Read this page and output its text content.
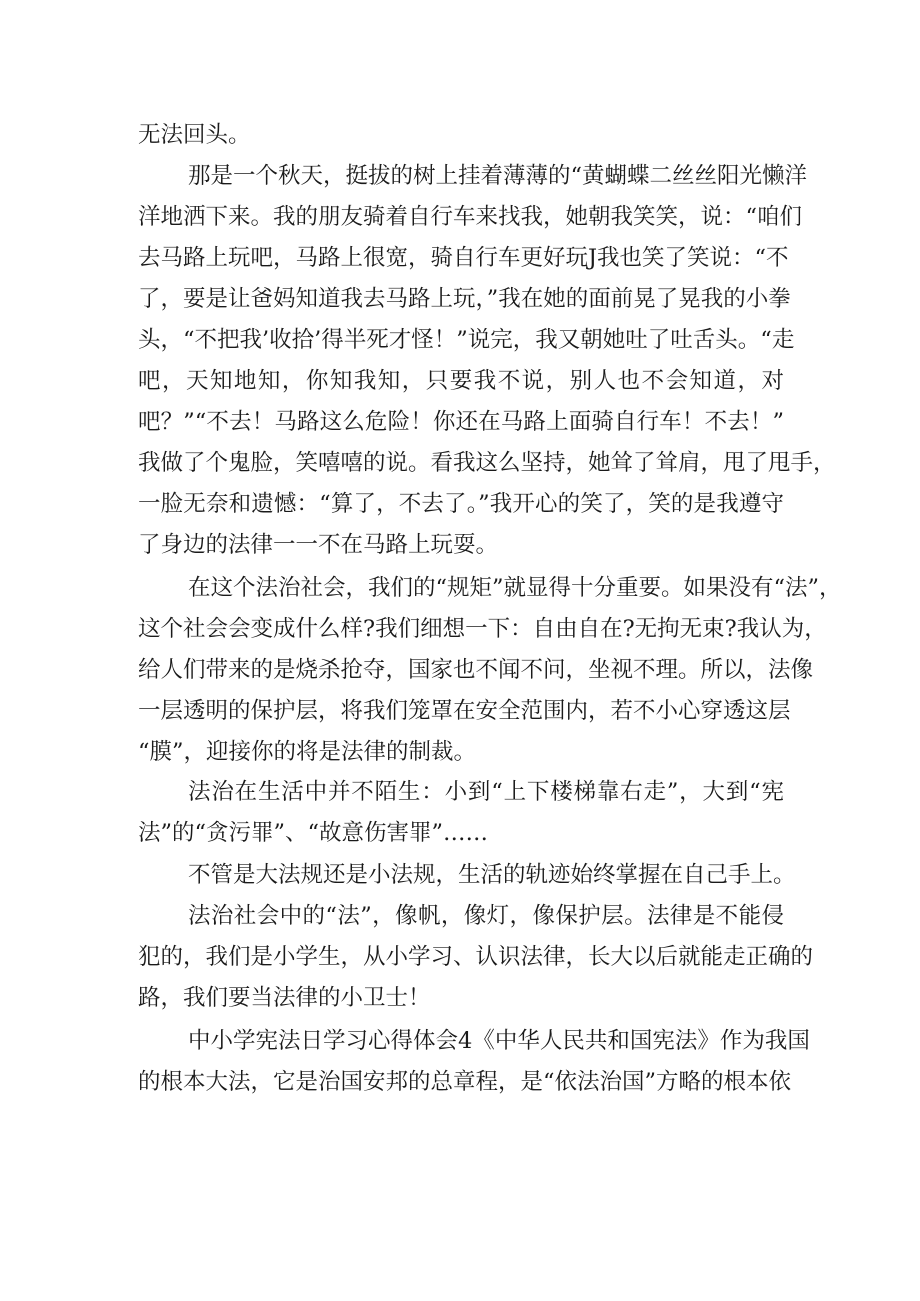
无法回头。

那是一个秋天，挺拔的树上挂着薄薄的“黄蝴蝶二丝丝阳光懒洋

洋地洒下来。我的朋友骑着自行车来找我，她朝我笑笑，说：“咱们

去马路上玩吧，马路上很宽，骑自行车更好玩J我也笑了笑说：“不

了，要是让爸妈知道我去马路上玩，”我在她的面前晃了晃我的小拳

头，“不把我’收拾’得半死才怪！”说完，我又朝她吐了吐舌头。“走

吧，天知地知，你知我知，只要我不说，别人也不会知道，对

吧？”“不去！马路这么危险！你还在马路上面骑自行车！不去！”

我做了个鬼脸，笑嘻嘻的说。看我这么坚持，她耸了耸肩，甩了甩手，

一脸无奈和遗憾：“算了，不去了。”我开心的笑了，笑的是我遵守

了身边的法律一一不在马路上玩耍。

在这个法治社会，我们的“规矩”就显得十分重要。如果没有“法”，

这个社会会变成什么样?我们细想一下：自由自在?无拘无束?我认为，

给人们带来的是烧杀抢夺，国家也不闻不问，坐视不理。所以，法像

一层透明的保护层，将我们笼罩在安全范围内，若不小心穿透这层

“膜”，迎接你的将是法律的制裁。

法治在生活中并不陌生：小到“上下楼梯靠右走”，大到“宪

法”的“贪污罪”、“故意伤害罪”……

不管是大法规还是小法规，生活的轨迹始终掌握在自己手上。

法治社会中的“法”，像帆，像灯，像保护层。法律是不能侵

犯的，我们是小学生，从小学习、认识法律，长大以后就能走正确的

路，我们要当法律的小卫士！

中小学宪法日学习心得体会4《中华人民共和国宪法》作为我国

的根本大法，它是治国安邦的总章程，是“依法治国”方略的根本依
